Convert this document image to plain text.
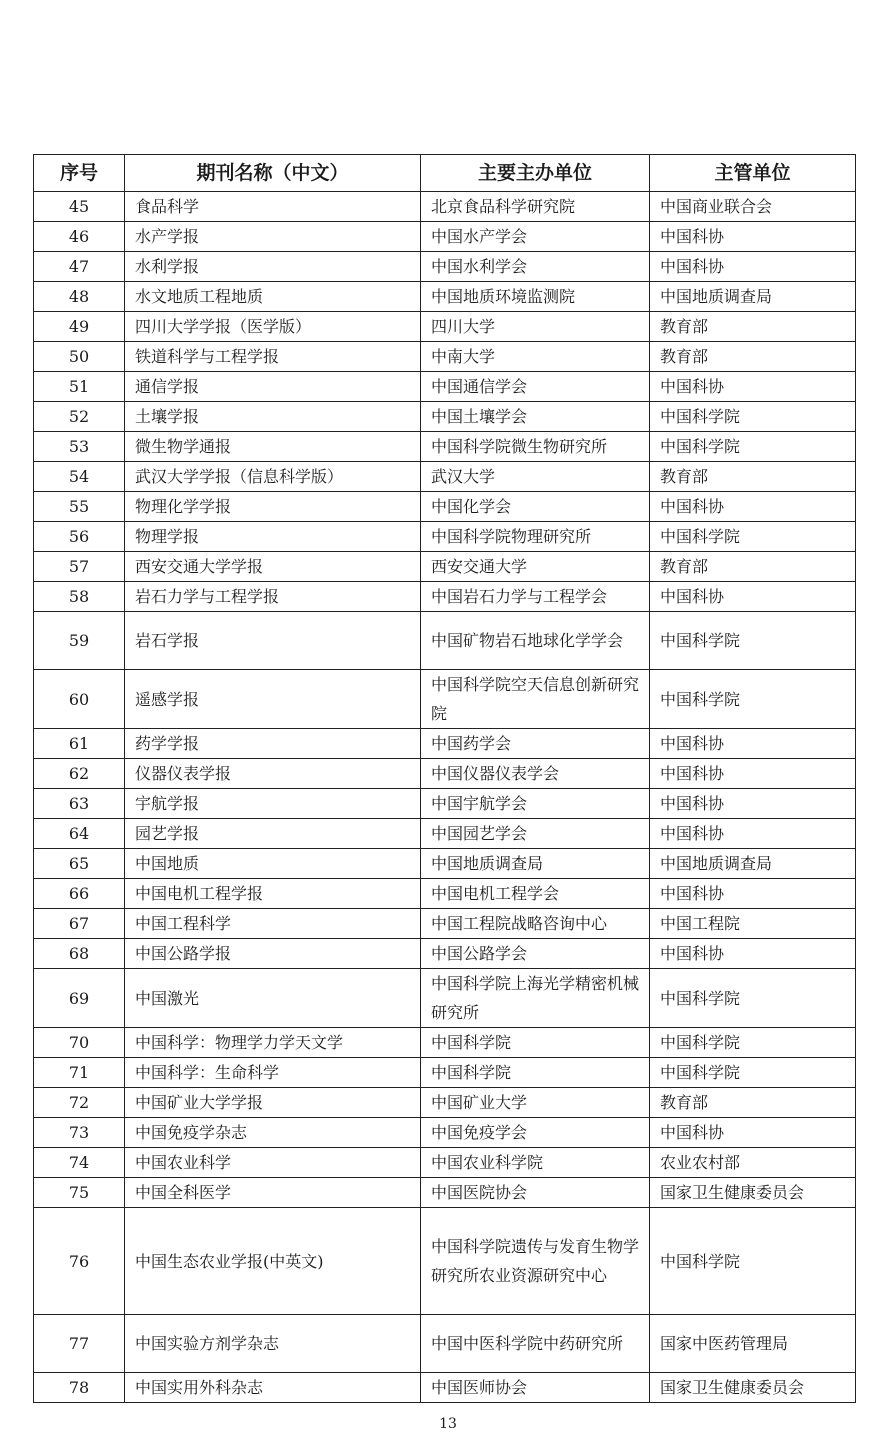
序号	期刊名称（中文）	主要主办单位	主管单位
45	食品科学	北京食品科学研究院	中国商业联合会
46	水产学报	中国水产学会	中国科协
47	水利学报	中国水利学会	中国科协
48	水文地质工程地质	中国地质环境监测院	中国地质调查局
49	四川大学学报（医学版）	四川大学	教育部
50	铁道科学与工程学报	中南大学	教育部
51	通信学报	中国通信学会	中国科协
52	土壤学报	中国土壤学会	中国科学院
53	微生物学通报	中国科学院微生物研究所	中国科学院
54	武汉大学学报（信息科学版）	武汉大学	教育部
55	物理化学学报	中国化学会	中国科协
56	物理学报	中国科学院物理研究所	中国科学院
57	西安交通大学学报	西安交通大学	教育部
58	岩石力学与工程学报	中国岩石力学与工程学会	中国科协
59	岩石学报	中国矿物岩石地球化学学会	中国科学院
60	遥感学报	中国科学院空天信息创新研究院	中国科学院
61	药学学报	中国药学会	中国科协
62	仪器仪表学报	中国仪器仪表学会	中国科协
63	宇航学报	中国宇航学会	中国科协
64	园艺学报	中国园艺学会	中国科协
65	中国地质	中国地质调查局	中国地质调查局
66	中国电机工程学报	中国电机工程学会	中国科协
67	中国工程科学	中国工程院战略咨询中心	中国工程院
68	中国公路学报	中国公路学会	中国科协
69	中国激光	中国科学院上海光学精密机械研究所	中国科学院
70	中国科学：物理学力学天文学	中国科学院	中国科学院
71	中国科学：生命科学	中国科学院	中国科学院
72	中国矿业大学学报	中国矿业大学	教育部
73	中国免疫学杂志	中国免疫学会	中国科协
74	中国农业科学	中国农业科学院	农业农村部
75	中国全科医学	中国医院协会	国家卫生健康委员会
76	中国生态农业学报(中英文)	中国科学院遗传与发育生物学研究所农业资源研究中心	中国科学院
77	中国实验方剂学杂志	中国中医科学院中药研究所	国家中医药管理局
78	中国实用外科杂志	中国医师协会	国家卫生健康委员会
13
